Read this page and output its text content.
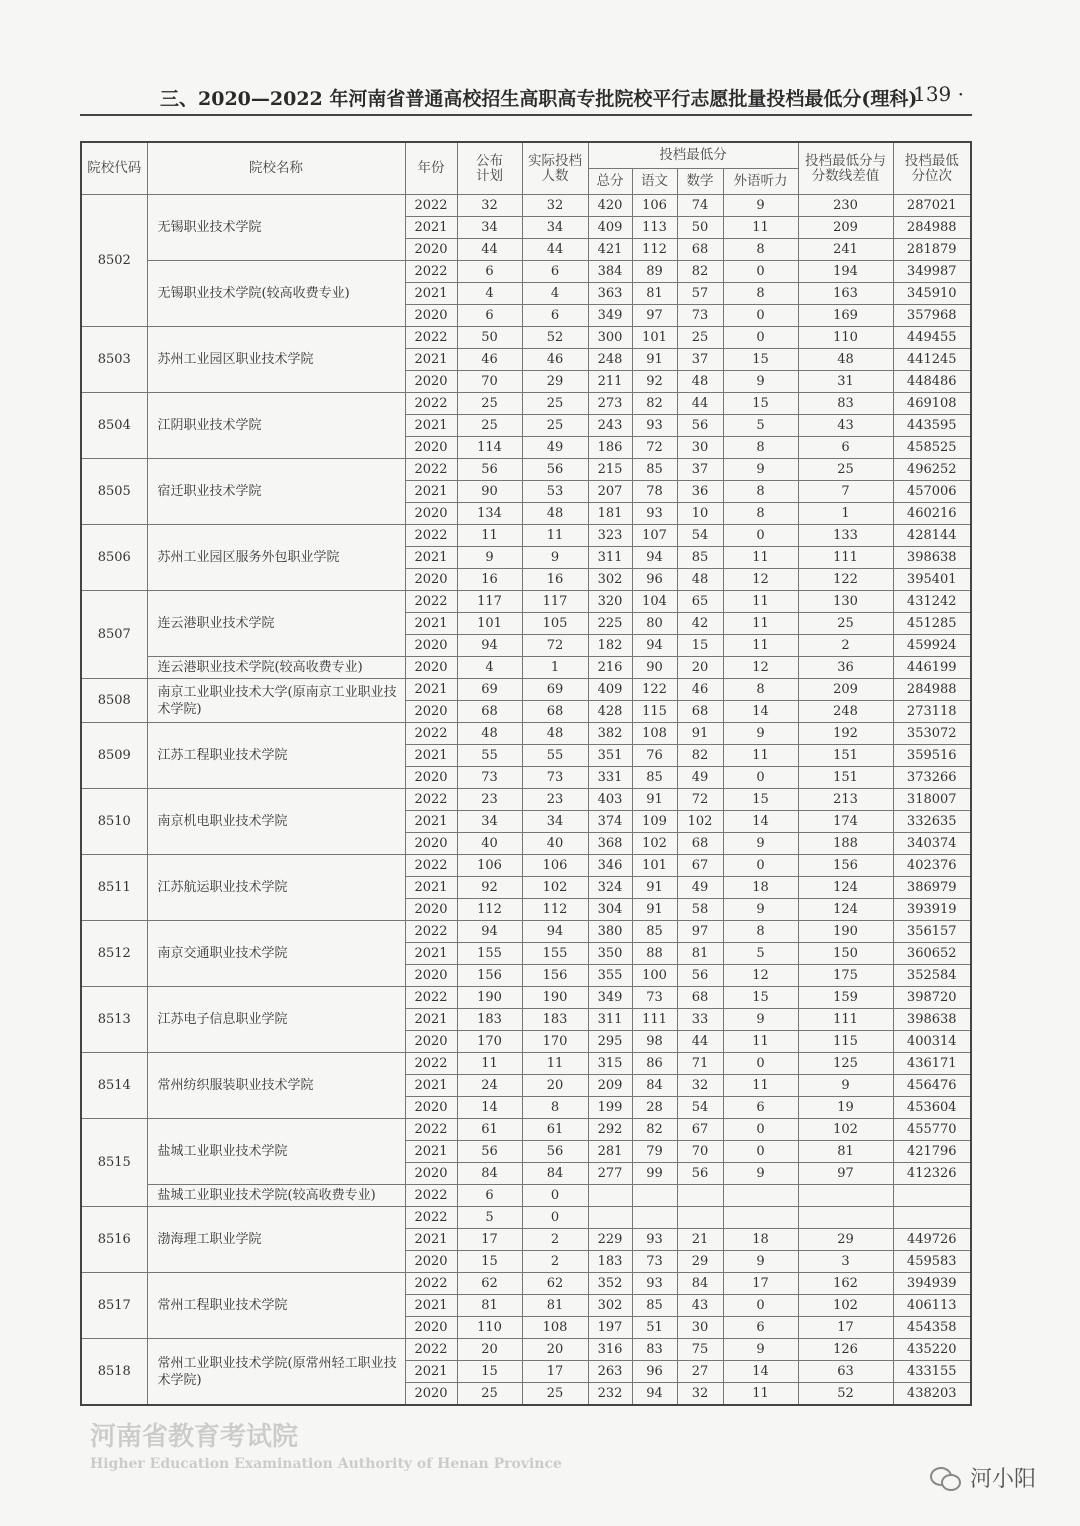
三、2020—2022 年河南省普通高校招生高职高专批院校平行志愿批量投档最低分(理科)
· 139 ·
院校代码	院校名称	年份	公布计划	实际投档人数	投档最低分				投档最低分与分数线差值	投档最低分位次
					总分	语文	数学	外语听力		
8502	无锡职业技术学院	2022	32	32	420	106	74	9	230	287021
		2021	34	34	409	113	50	11	209	284988
		2020	44	44	421	112	68	8	241	281879
	无锡职业技术学院(较高收费专业)	2022	6	6	384	89	82	0	194	349987
		2021	4	4	363	81	57	8	163	345910
		2020	6	6	349	97	73	0	169	357968
8503	苏州工业园区职业技术学院	2022	50	52	300	101	25	0	110	449455
		2021	46	46	248	91	37	15	48	441245
		2020	70	29	211	92	48	9	31	448486
8504	江阴职业技术学院	2022	25	25	273	82	44	15	83	469108
		2021	25	25	243	93	56	5	43	443595
		2020	114	49	186	72	30	8	6	458525
8505	宿迁职业技术学院	2022	56	56	215	85	37	9	25	496252
		2021	90	53	207	78	36	8	7	457006
		2020	134	48	181	93	10	8	1	460216
8506	苏州工业园区服务外包职业学院	2022	11	11	323	107	54	0	133	428144
		2021	9	9	311	94	85	11	111	398638
		2020	16	16	302	96	48	12	122	395401
8507	连云港职业技术学院	2022	117	117	320	104	65	11	130	431242
		2021	101	105	225	80	42	11	25	451285
		2020	94	72	182	94	15	11	2	459924
	连云港职业技术学院(较高收费专业)	2020	4	1	216	90	20	12	36	446199
8508	南京工业职业技术大学(原南京工业职业技术学院)	2021	69	69	409	122	46	8	209	284988
		2020	68	68	428	115	68	14	248	273118
8509	江苏工程职业技术学院	2022	48	48	382	108	91	9	192	353072
		2021	55	55	351	76	82	11	151	359516
		2020	73	73	331	85	49	0	151	373266
8510	南京机电职业技术学院	2022	23	23	403	91	72	15	213	318007
		2021	34	34	374	109	102	14	174	332635
		2020	40	40	368	102	68	9	188	340374
8511	江苏航运职业技术学院	2022	106	106	346	101	67	0	156	402376
		2021	92	102	324	91	49	18	124	386979
		2020	112	112	304	91	58	9	124	393919
8512	南京交通职业技术学院	2022	94	94	380	85	97	8	190	356157
		2021	155	155	350	88	81	5	150	360652
		2020	156	156	355	100	56	12	175	352584
8513	江苏电子信息职业学院	2022	190	190	349	73	68	15	159	398720
		2021	183	183	311	111	33	9	111	398638
		2020	170	170	295	98	44	11	115	400314
8514	常州纺织服装职业技术学院	2022	11	11	315	86	71	0	125	436171
		2021	24	20	209	84	32	11	9	456476
		2020	14	8	199	28	54	6	19	453604
8515	盐城工业职业技术学院	2022	61	61	292	82	67	0	102	455770
		2021	56	56	281	79	70	0	81	421796
		2020	84	84	277	99	56	9	97	412326
	盐城工业职业技术学院(较高收费专业)	2022	6	0						
8516	渤海理工职业学院	2022	5	0						
		2021	17	2	229	93	21	18	29	449726
		2020	15	2	183	73	29	9	3	459583
8517	常州工程职业技术学院	2022	62	62	352	93	84	17	162	394939
		2021	81	81	302	85	43	0	102	406113
		2020	110	108	197	51	30	6	17	454358
8518	常州工业职业技术学院(原常州轻工职业技术学院)	2022	20	20	316	83	75	9	126	435220
		2021	15	17	263	96	27	14	63	433155
		2020	25	25	232	94	32	11	52	438203
河南省教育考试院
Higher Education Examination Authority of Henan Province
河小阳
